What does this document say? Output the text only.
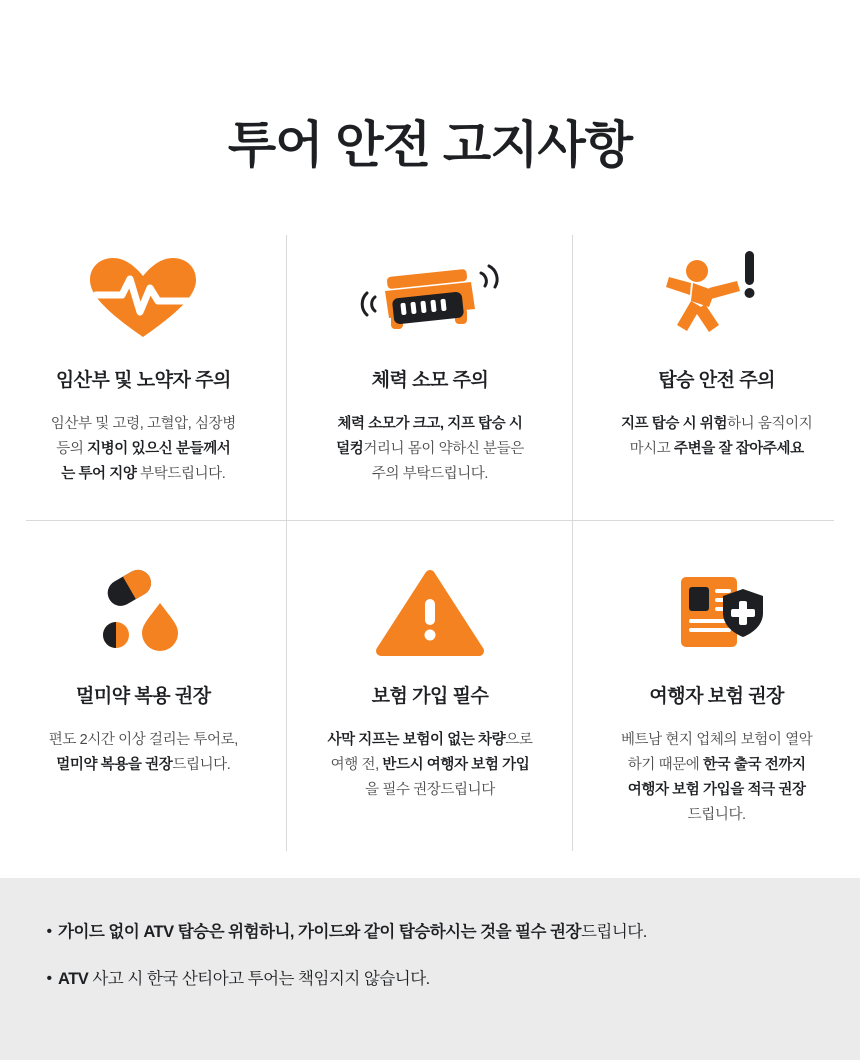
투어 안전 고지사항
임산부 및 노약자 주의
임산부 및 고령, 고혈압, 심장병
등의 지병이 있으신 분들께서
는 투어 지양 부탁드립니다.
체력 소모 주의
체력 소모가 크고, 지프 탑승 시
덜컹거리니 몸이 약하신 분들은
주의 부탁드립니다.
탑승 안전 주의
지프 탑승 시 위험하니 움직이지
마시고 주변을 잘 잡아주세요
멀미약 복용 권장
편도 2시간 이상 걸리는 투어로,
멀미약 복용을 권장드립니다.
보험 가입 필수
사막 지프는 보험이 없는 차량으로
여행 전, 반드시 여행자 보험 가입
을 필수 권장드립니다
여행자 보험 권장
베트남 현지 업체의 보험이 열악
하기 때문에 한국 출국 전까지
여행자 보험 가입을 적극 권장
드립니다.
• 가이드 없이 ATV 탑승은 위험하니, 가이드와 같이 탑승하시는 것을 필수 권장드립니다.
• ATV 사고 시 한국 산티아고 투어는 책임지지 않습니다.
